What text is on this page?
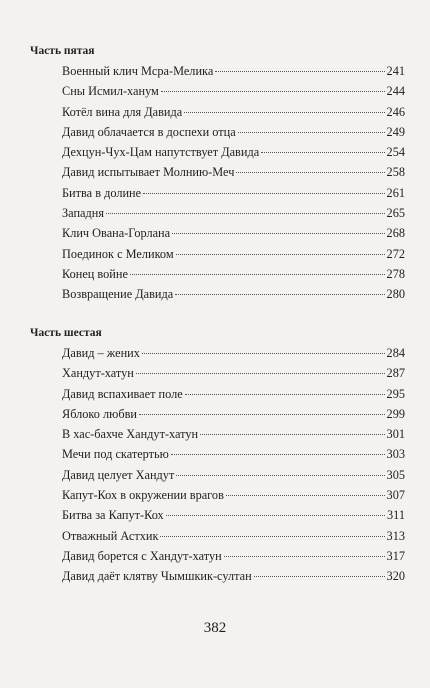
Часть пятая
Военный клич Мсра-Мелика	241
Сны Исмил-ханум	244
Котёл вина для Давида	246
Давид облачается в доспехи отца	249
Дехцун-Чух-Цам напутствует Давида	254
Давид испытывает Молнию-Меч	258
Битва в долине	261
Западня	265
Клич Ована-Горлана	268
Поединок с Меликом	272
Конец войне	278
Возвращение Давида	280
Часть шестая
Давид – жених	284
Хандут-хатун	287
Давид вспахивает поле	295
Яблоко любви	299
В хас-бахче Хандут-хатун	301
Мечи под скатертью	303
Давид целует Хандут	305
Капут-Кох в окружении врагов	307
Битва за Капут-Кох	311
Отважный Астхик	313
Давид борется с Хандут-хатун	317
Давид даёт клятву Чымшкик-султан	320
382
